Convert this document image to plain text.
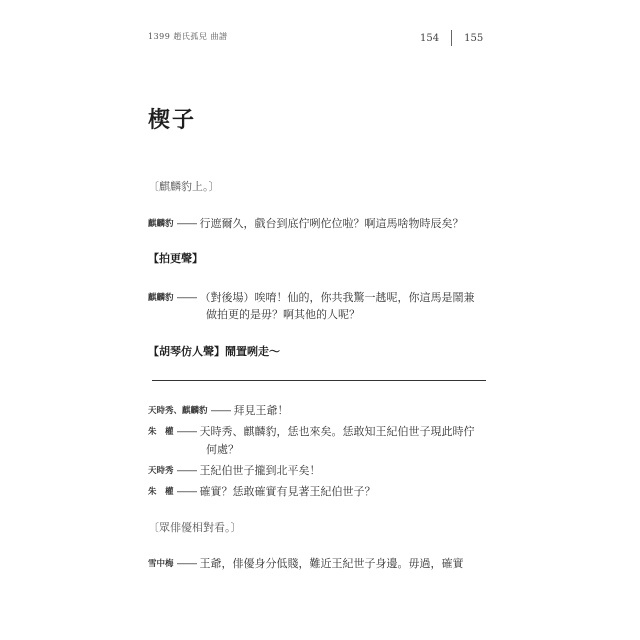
1399 趙氏孤兒 曲譜	154	155
楔子
〔麒麟豹上。〕
麒麟豹 —— 行遮爾久，戲台到底佇咧佗位啦？啊這馬啥物時辰矣？
【拍更聲】
麒麟豹 —— （對後場）唉唷！仙的，你共我驚一趒呢，你這馬是鬧兼
做拍更的是毋？啊其他的人呢？
【胡琴仿人聲】鬧置咧走～
天時秀、麒麟豹 —— 拜見王爺！
朱　權 —— 天時秀、麒麟豹，恁也來矣。恁敢知王紀伯世子現此時佇
何處？
天時秀 —— 王紀伯世子攏到北平矣！
朱　權 —— 確實？恁敢確實有見著王紀伯世子？
〔眾俳優相對看。〕
雪中梅 —— 王爺，俳優身分低賤，難近王紀世子身邊。毋過，確實
